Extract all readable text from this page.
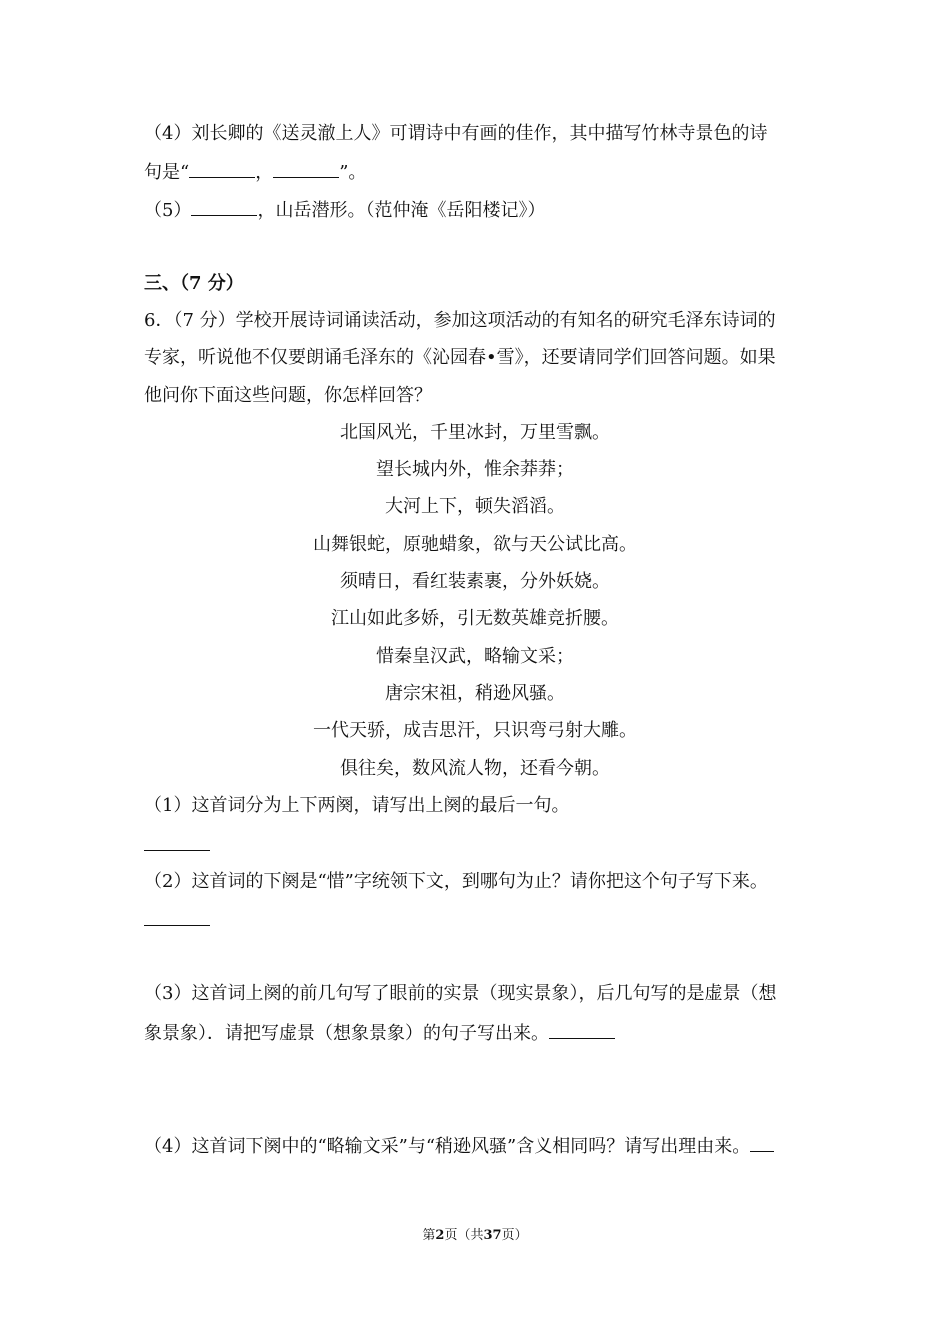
（4）刘长卿的《送灵澈上人》可谓诗中有画的佳作，其中描写竹林寺景色的诗
句是“	，	”。
（5）	，山岳潜形。（范仲淹《岳阳楼记》）
三、（7 分）
6．（7 分）学校开展诗词诵读活动，参加这项活动的有知名的研究毛泽东诗词的
专家，听说他不仅要朗诵毛泽东的《沁园春•雪》，还要请同学们回答问题。如果
他问你下面这些问题，你怎样回答？
北国风光，千里冰封，万里雪飘。
望长城内外，惟余莽莽；
大河上下，顿失滔滔。
山舞银蛇，原驰蜡象，欲与天公试比高。
须晴日，看红装素裹，分外妖娆。
江山如此多娇，引无数英雄竞折腰。
惜秦皇汉武，略输文采；
唐宗宋祖，稍逊风骚。
一代天骄，成吉思汗，只识弯弓射大雕。
俱往矣，数风流人物，还看今朝。
（1）这首词分为上下两阕，请写出上阕的最后一句。
（2）这首词的下阕是“惜”字统领下文，到哪句为止？请你把这个句子写下来。
（3）这首词上阕的前几句写了眼前的实景（现实景象），后几句写的是虚景（想
象景象）．请把写虚景（想象景象）的句子写出来。
（4）这首词下阕中的“略输文采”与“稍逊风骚”含义相同吗？请写出理由来。
第2页（共37页）
